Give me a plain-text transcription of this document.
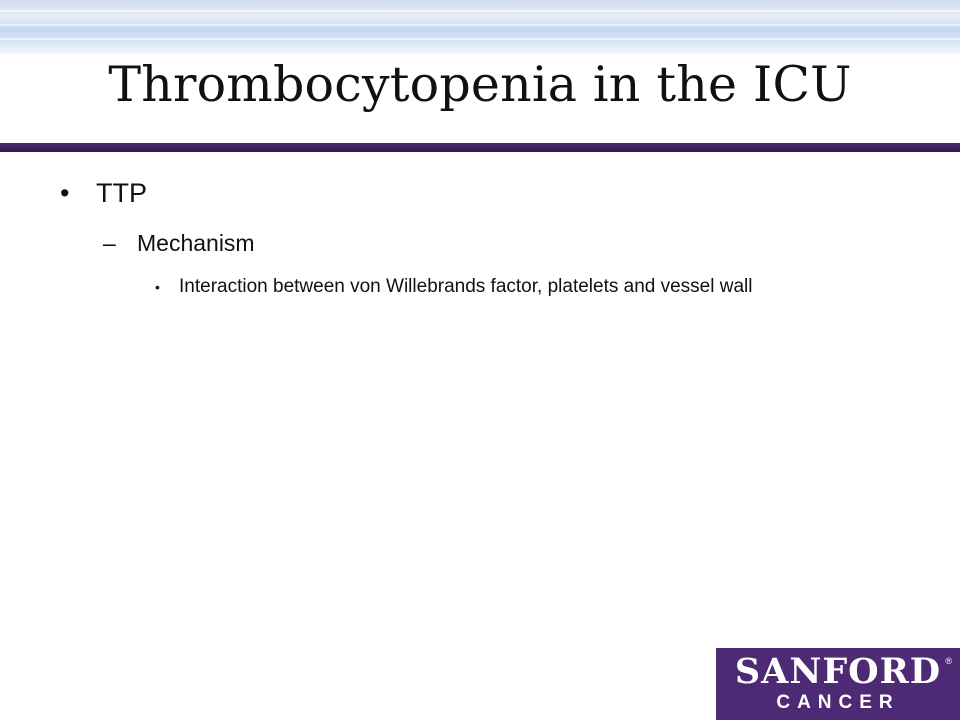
Thrombocytopenia in the ICU
• TTP
– Mechanism
• Interaction between von Willebrands factor, platelets and vessel wall
SANFORD
CANCER
®
